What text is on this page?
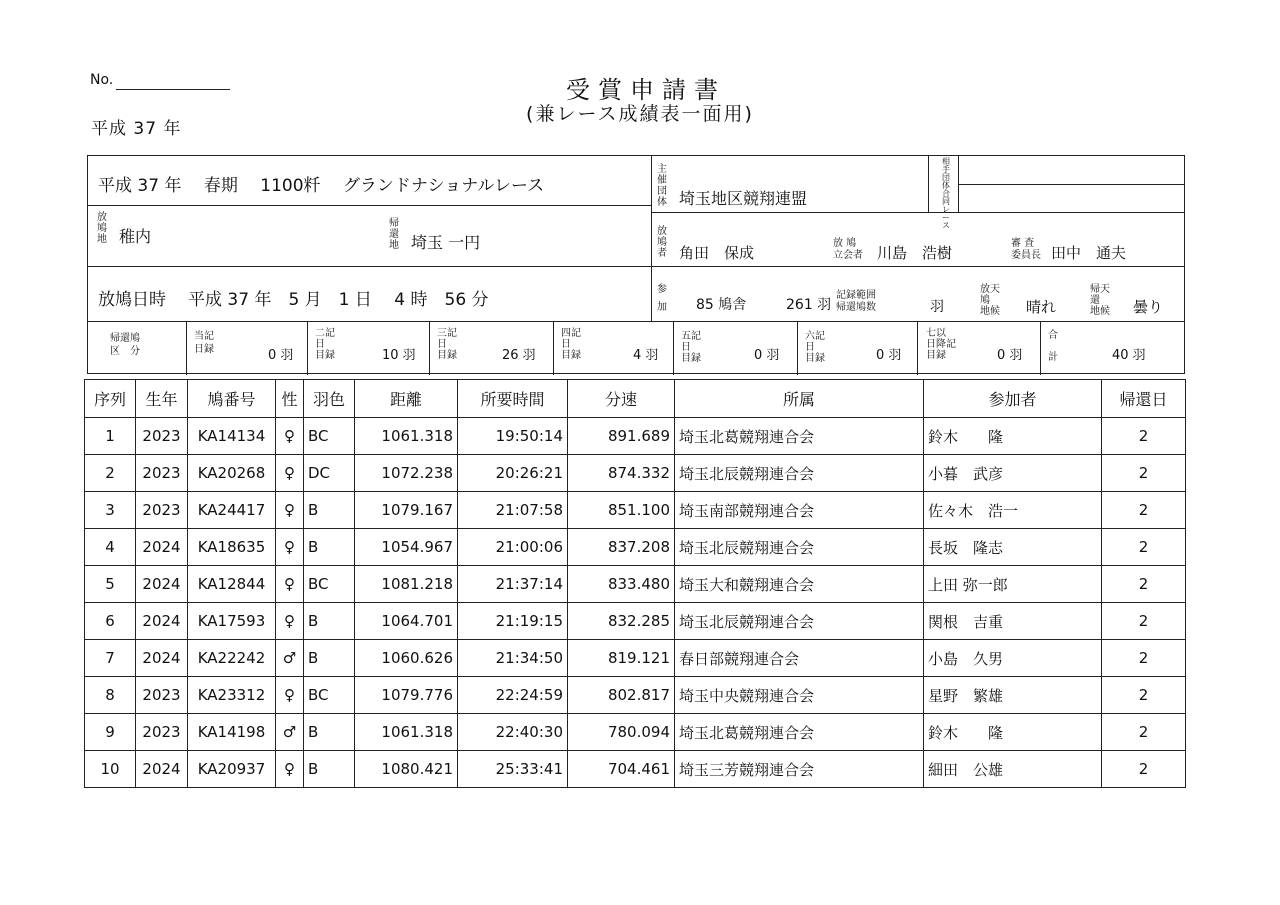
No.
平成 37 年
受賞申請書
(兼レース成績表一面用)
平成 37 年　 春期　 1100粁　 グランドナショナルレース
主催団体 埼玉地区競翔連盟
相手団体合同レース
放鳩地 稚内
帰還地 埼玉 一円
放鳩者 角田　保成
放 鳩
立会者 川島　浩樹
審 査
委員長 田中　通夫
放鳩日時 平成 37 年　5 月　1 日　 4 時　56 分
参加 85 鳩舎	261 羽
記録範囲
帰還鳩数	羽
放天
鳩
地候 晴れ
帰天
還
地候 曇り
帰還鳩
区　分
当記
日録	0 羽
二記
日
目録	10 羽
三記
日
目録	26 羽
四記
日
目録	4 羽
五記
日
目録	0 羽
六記
日
目録	0 羽
七以
日降記
目録	0 羽
合

計	40 羽
序列	生年	鳩番号	性	羽色	距離	所要時間	分速	所属	参加者	帰還日
1	2023	KA14134	♀	BC	1061.318	19:50:14	891.689	埼玉北葛競翔連合会	鈴木　　隆	2
2	2023	KA20268	♀	DC	1072.238	20:26:21	874.332	埼玉北辰競翔連合会	小暮　武彦	2
3	2023	KA24417	♀	B	1079.167	21:07:58	851.100	埼玉南部競翔連合会	佐々木　浩一	2
4	2024	KA18635	♀	B	1054.967	21:00:06	837.208	埼玉北辰競翔連合会	長坂　隆志	2
5	2024	KA12844	♀	BC	1081.218	21:37:14	833.480	埼玉大和競翔連合会	上田 弥一郎	2
6	2024	KA17593	♀	B	1064.701	21:19:15	832.285	埼玉北辰競翔連合会	関根　吉重	2
7	2024	KA22242	♂	B	1060.626	21:34:50	819.121	春日部競翔連合会	小島　久男	2
8	2023	KA23312	♀	BC	1079.776	22:24:59	802.817	埼玉中央競翔連合会	星野　繁雄	2
9	2023	KA14198	♂	B	1061.318	22:40:30	780.094	埼玉北葛競翔連合会	鈴木　　隆	2
10	2024	KA20937	♀	B	1080.421	25:33:41	704.461	埼玉三芳競翔連合会	細田　公雄	2
